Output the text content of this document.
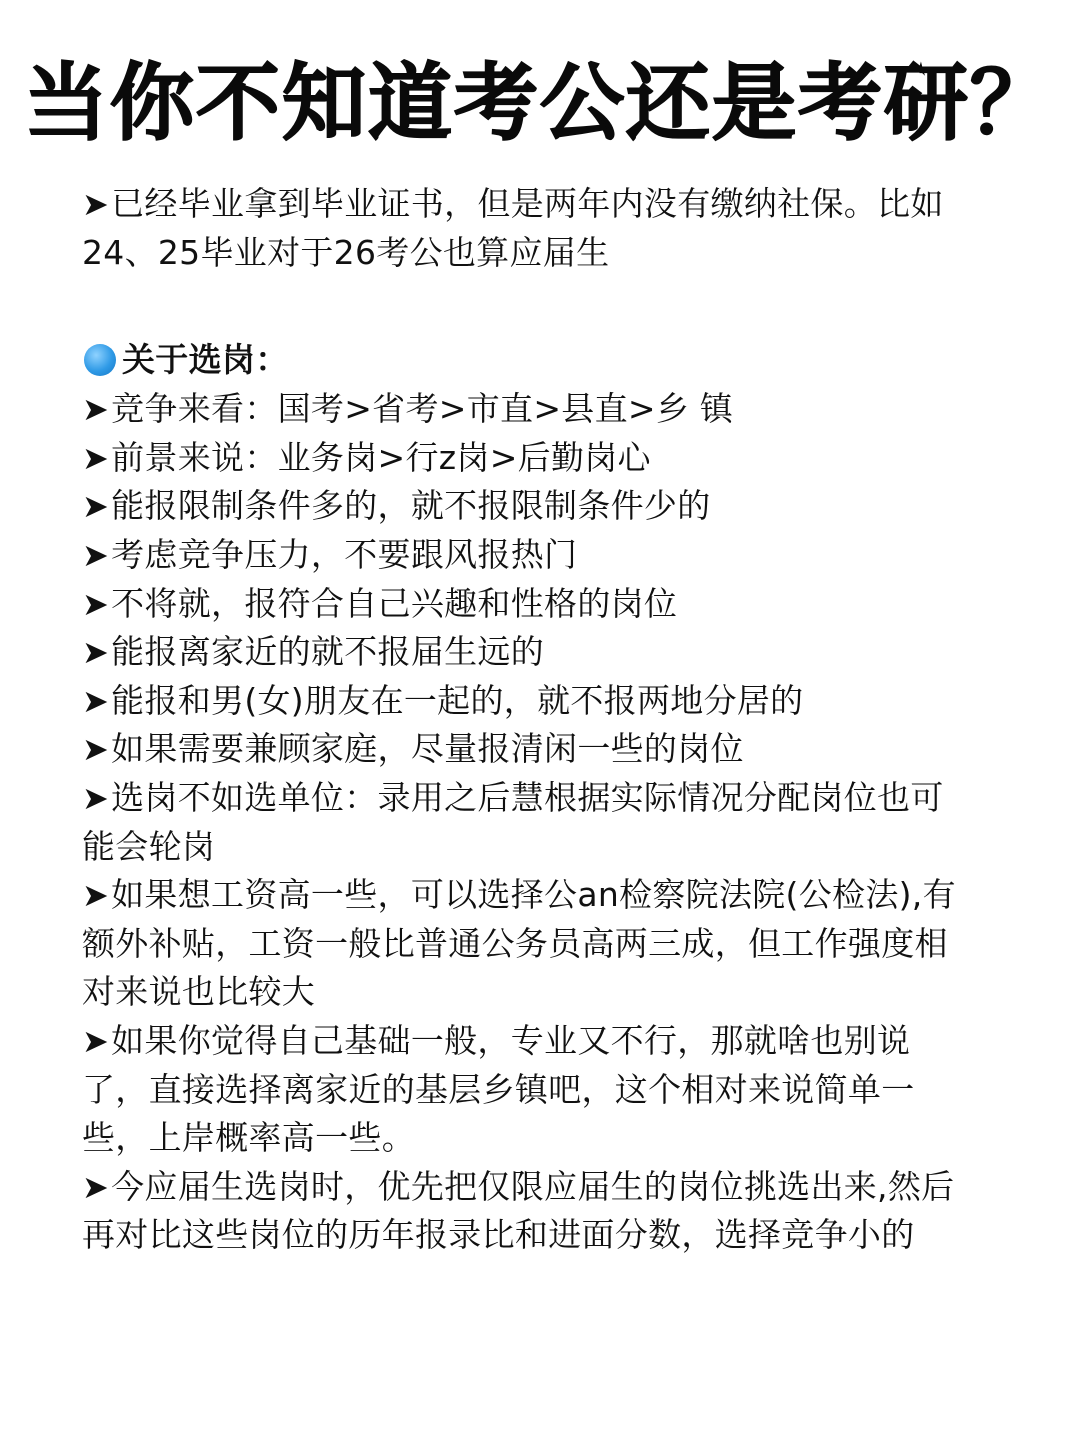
当你不知道考公还是考研？

➤已经毕业拿到毕业证书，但是两年内没有缴纳社保。比如24、25毕业对于26考公也算应届生

关于选岗：

➤竞争来看：国考>省考>市直>县直>乡 镇

➤前景来说：业务岗>行z岗>后勤岗心

➤能报限制条件多的，就不报限制条件少的

➤考虑竞争压力，不要跟风报热门

➤不将就，报符合自己兴趣和性格的岗位

➤能报离家近的就不报届生远的

➤能报和男(女)朋友在一起的，就不报两地分居的

➤如果需要兼顾家庭，尽量报清闲一些的岗位

➤选岗不如选单位：录用之后慧根据实际情况分配岗位也可能会轮岗

➤如果想工资高一些，可以选择公an检察院法院(公检法),有额外补贴，工资一般比普通公务员高两三成，但工作强度相对来说也比较大

➤如果你觉得自己基础一般，专业又不行，那就啥也别说了，直接选择离家近的基层乡镇吧，这个相对来说简单一些，上岸概率高一些。

➤今应届生选岗时，优先把仅限应届生的岗位挑选出来,然后再对比这些岗位的历年报录比和进面分数，选择竞争小的
